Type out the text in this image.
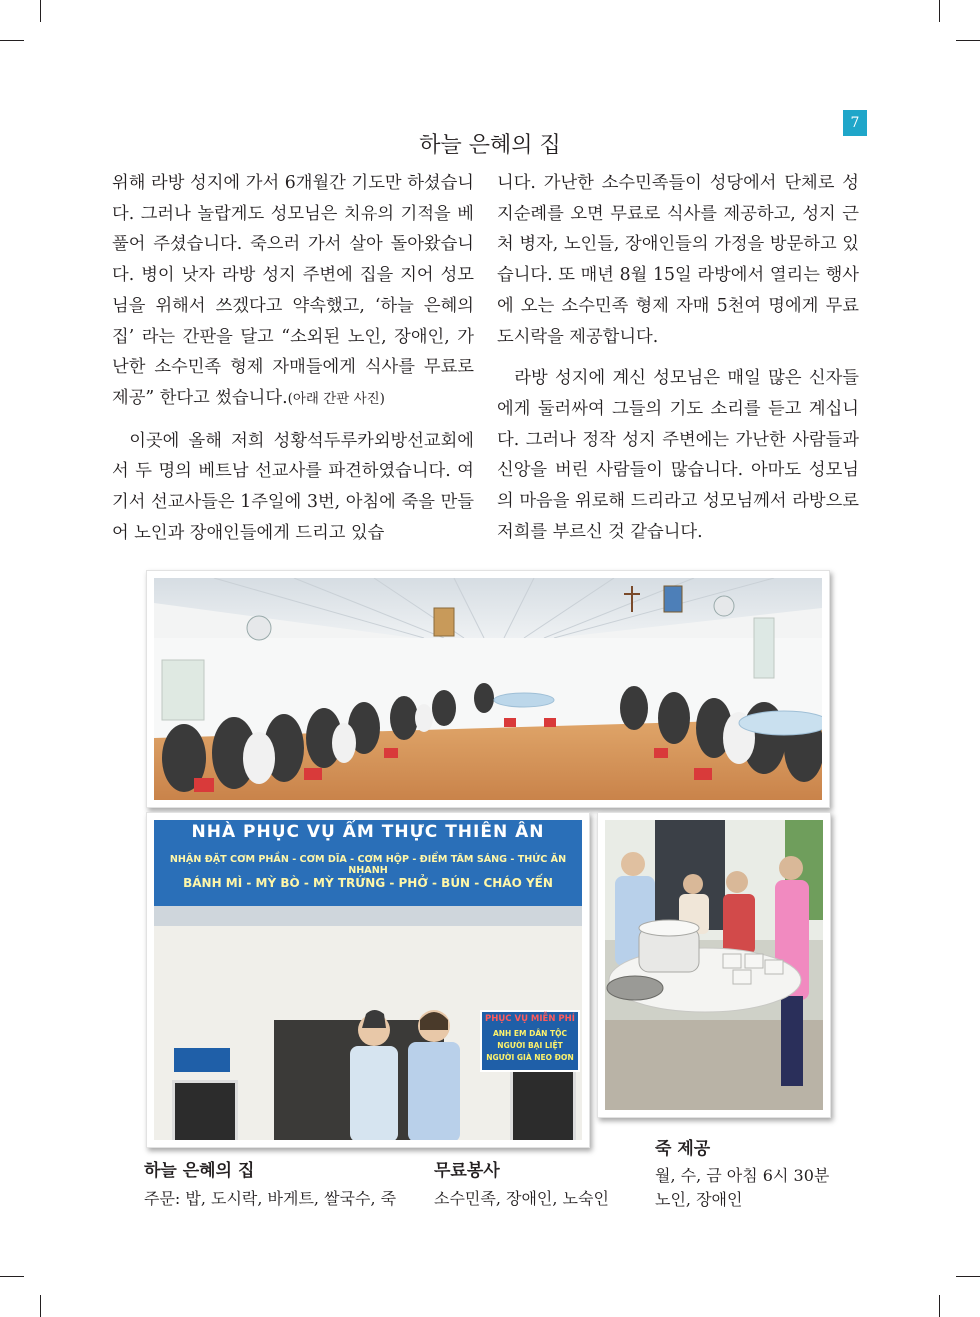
7
하늘 은혜의 집

위해 라방 성지에 가서 6개월간 기도만 하셨습니다. 그러나 놀랍게도 성모님은 치유의 기적을 베풀어 주셨습니다. 죽으러 가서 살아 돌아왔습니다. 병이 낫자 라방 성지 주변에 집을 지어 성모님을 위해서 쓰겠다고 약속했고, ‘하늘 은혜의 집’ 라는 간판을 달고 “소외된 노인, 장애인, 가난한 소수민족 형제 자매들에게 식사를 무료로 제공” 한다고 썼습니다.(아래 간판 사진)

이곳에 올해 저희 성황석두루카외방선교회에서 두 명의 베트남 선교사를 파견하였습니다. 여기서 선교사들은 1주일에 3번, 아침에 죽을 만들어 노인과 장애인들에게 드리고 있습

니다. 가난한 소수민족들이 성당에서 단체로 성지순례를 오면 무료로 식사를 제공하고, 성지 근처 병자, 노인들, 장애인들의 가정을 방문하고 있습니다. 또 매년 8월 15일 라방에서 열리는 행사에 오는 소수민족 형제 자매 5천여 명에게 무료 도시락을 제공합니다.

라방 성지에 계신 성모님은 매일 많은 신자들에게 둘러싸여 그들의 기도 소리를 듣고 계십니다. 그러나 정작 성지 주변에는 가난한 사람들과 신앙을 버린 사람들이 많습니다. 아마도 성모님의 마음을 위로해 드리라고 성모님께서 라방으로 저희를 부르신 것 같습니다.

NHÀ PHỤC VỤ ẨM THỰC THIÊN ÂN
NHẬN ĐẶT CƠM PHẦN - CƠM DĨA - CƠM HỘP - ĐIỂM TÂM SÁNG - THỨC ĂN NHANH
BÁNH MÌ - MỲ BÒ - MỲ TRỨNG - PHỞ - BÚN - CHÁO YẾN
PHỤC VỤ MIỄN PHÍ
ANH EM DÂN TỘC
NGƯỜI BẠI LIỆT
NGƯỜI GIÀ NEO ĐƠN
하늘 은혜의 집
주문: 밥, 도시락, 바게트, 쌀국수, 죽
무료봉사
소수민족, 장애인, 노숙인
죽 제공
월, 수, 금 아침 6시 30분
노인, 장애인
